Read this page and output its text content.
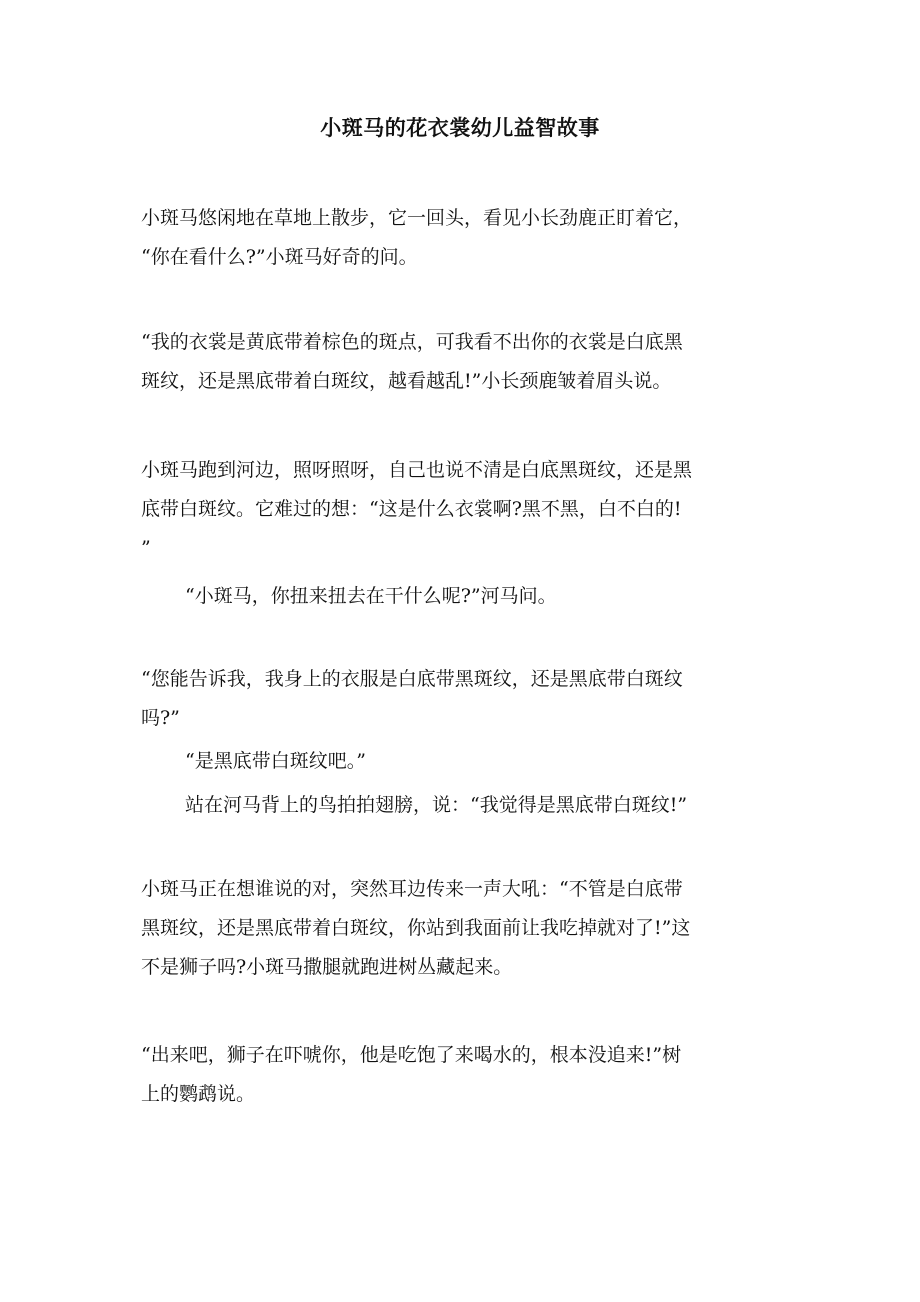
小斑马的花衣裳幼儿益智故事
小斑马悠闲地在草地上散步，它一回头，看见小长劲鹿正盯着它，
“你在看什么?”小斑马好奇的问。
“我的衣裳是黄底带着棕色的斑点，可我看不出你的衣裳是白底黑
斑纹，还是黑底带着白斑纹，越看越乱!”小长颈鹿皱着眉头说。
小斑马跑到河边，照呀照呀，自己也说不清是白底黑斑纹，还是黑
底带白斑纹。它难过的想：“这是什么衣裳啊?黑不黑，白不白的!
”
“小斑马，你扭来扭去在干什么呢?”河马问。
“您能告诉我，我身上的衣服是白底带黑斑纹，还是黑底带白斑纹
吗?”
“是黑底带白斑纹吧。”
站在河马背上的鸟拍拍翅膀，说：“我觉得是黑底带白斑纹!”
小斑马正在想谁说的对，突然耳边传来一声大吼：“不管是白底带
黑斑纹，还是黑底带着白斑纹，你站到我面前让我吃掉就对了!”这
不是狮子吗?小斑马撒腿就跑进树丛藏起来。
“出来吧，狮子在吓唬你，他是吃饱了来喝水的，根本没追来!”树
上的鹦鹉说。
